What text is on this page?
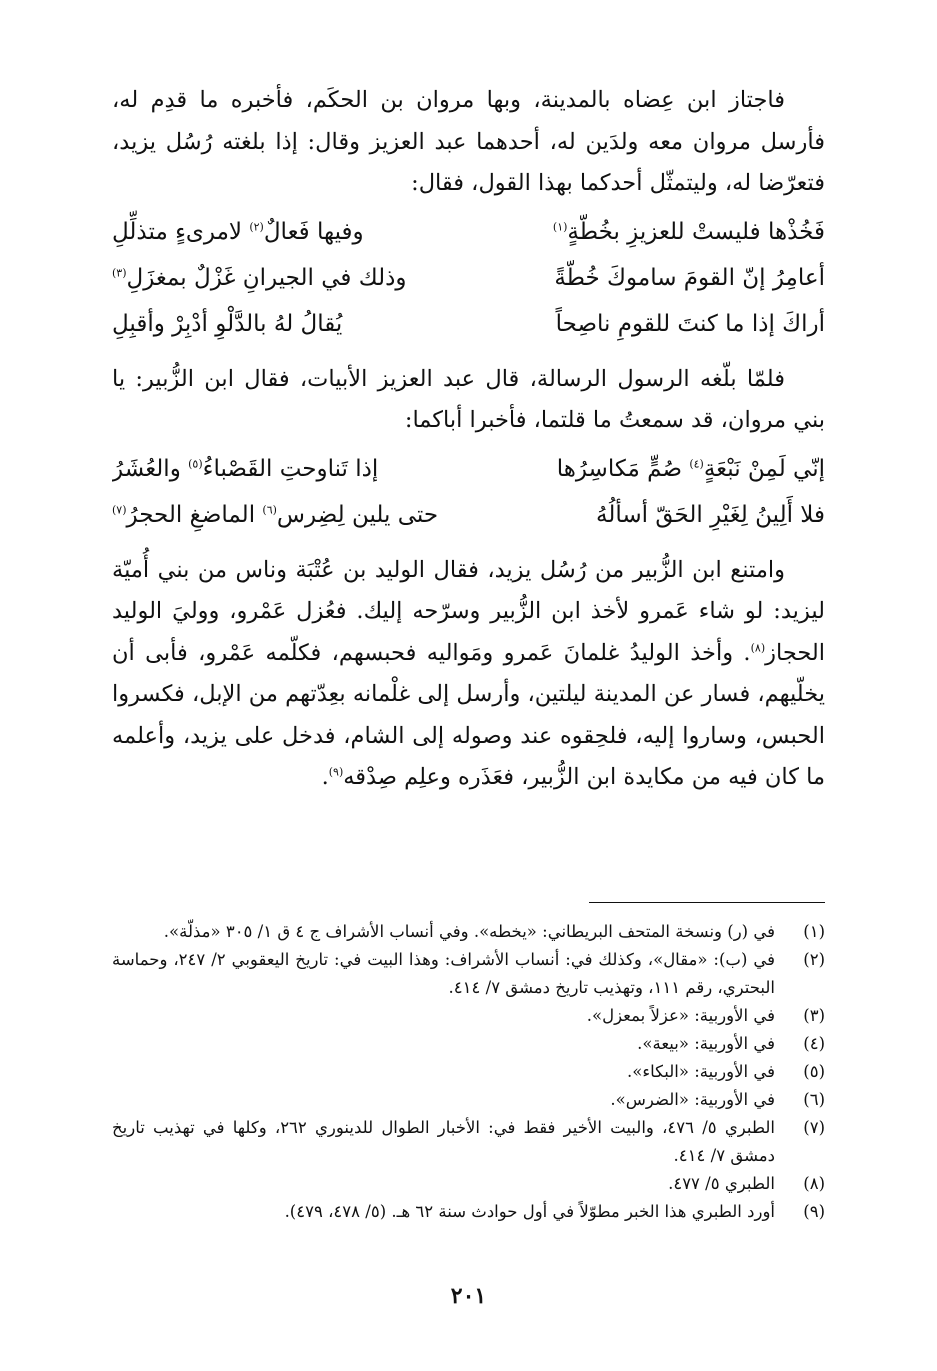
فاجتاز ابن عِضاه بالمدينة، وبها مروان بن الحكَم، فأخبره ما قدِم له، فأرسل مروان معه ولدَين له، أحدهما عبد العزيز وقال: إذا بلغته رُسُل يزيد، فتعرّضا له، وليتمثّل أحدكما بهذا القول، فقال:

فَخُذْها فليستْ للعزيزِ بخُطّةٍ$^{(١)}$
وفيها فَعالٌ$^{(٢)}$ لامرىءٍ متذلِّلِ
أعامِرُ إنّ القومَ ساموكَ خُطّةً
وذلك في الجيرانِ غَزْلٌ بمغزَلِ$^{(٣)}$
أراكَ إذا ما كنتَ للقومِ ناصِحاً
يُقالُ لهُ بالدَّلْوِ أدْبِرْ وأقبِلِ

فلمّا بلّغه الرسول الرسالة، قال عبد العزيز الأبيات، فقال ابن الزُّبير: يا بني مروان، قد سمعتُ ما قلتما، فأخبرا أباكما:

إنّي لَمِنْ نَبْعَةٍ$^{(٤)}$ صُمٍّ مَكاسِرُها
إذا تَناوحتِ القَصْباءُ$^{(٥)}$ والعُشَرُ
فلا أَلِينُ لِغَيْرِ الحَقّ أسألُهُ
حتى يلين لِضِرس$^{(٦)}$ الماضغِ الحجرُ$^{(٧)}$

وامتنع ابن الزُّبير من رُسُل يزيد، فقال الوليد بن عُتْبَة وناس من بني أُميّة ليزيد: لو شاء عَمرو لأخذ ابن الزُّبير وسرّحه إليك. فعُزل عَمْرو، ووليَ الوليد الحجاز$^{(٨)}$. وأخذ الوليدُ غلمانَ عَمرو ومَواليه فحبسهم، فكلّمه عَمْرو، فأبى أن يخلّيهم، فسار عن المدينة ليلتين، وأرسل إلى غلْمانه بعِدّتهم من الإبل، فكسروا الحبس، وساروا إليه، فلحِقوه عند وصوله إلى الشام، فدخل على يزيد، وأعلمه ما كان فيه من مكايدة ابن الزُّبير، فعَذَره وعلِم صِدْقه$^{(٩)}$.

(١)
في (ر) ونسخة المتحف البريطاني: «يخطه». وفي أنساب الأشراف ج ٤ ق ١/ ٣٠٥ «مذلّة».
(٢)
في (ب): «مقال»، وكذلك في: أنساب الأشراف: وهذا البيت في: تاريخ اليعقوبي ٢/ ٢٤٧، وحماسة البحتري، رقم ١١١، وتهذيب تاريخ دمشق ٧/ ٤١٤.
(٣)
في الأوربية: «عزلاً بمعزل».
(٤)
في الأوربية: «بيعة».
(٥)
في الأوربية: «البكاء».
(٦)
في الأوربية: «الضرس».
(٧)
الطبري ٥/ ٤٧٦، والبيت الأخير فقط في: الأخبار الطوال للدينوري ٢٦٢، وكلها في تهذيب تاريخ دمشق ٧/ ٤١٤.
(٨)
الطبري ٥/ ٤٧٧.
(٩)
أورد الطبري هذا الخبر مطوّلاً في أول حوادث سنة ٦٢ هـ. (٥/ ٤٧٨، ٤٧٩).
٢٠١
